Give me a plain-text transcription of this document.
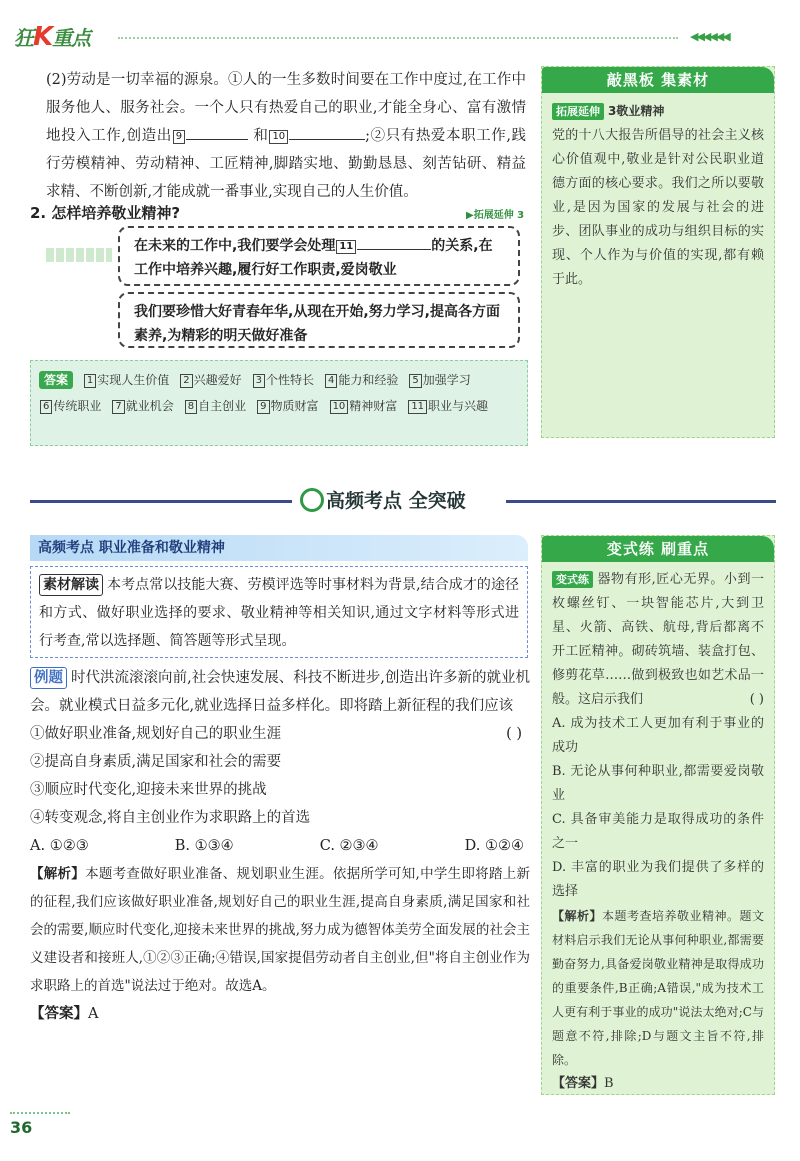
狂K重点	◀◀◀◀◀◀
(2)劳动是一切幸福的源泉。①人的一生多数时间要在工作中度过,在工作中服务他人、服务社会。一个人只有热爱自己的职业,才能全身心、富有激情地投入工作,创造出 9	和 10	;②只有热爱本职工作,践行劳模精神、劳动精神、工匠精神,脚踏实地、勤勤恳恳、刻苦钻研、精益求精、不断创新,才能成就一番事业,实现自己的人生价值。
2. 怎样培养敬业精神?	▶拓展延伸 3
在未来的工作中,我们要学会处理 11	的关系,在工作中培养兴趣,履行好工作职责,爱岗敬业
我们要珍惜大好青春年华,从现在开始,努力学习,提高各方面素养,为精彩的明天做好准备
答案 1 实现人生价值 2 兴趣爱好 3 个性特长 4 能力和经验 5 加强学习6 传统职业 7 就业机会 8 自主创业 9 物质财富 10 精神财富 11 职业与兴趣
高频考点 全突破
高频考点 职业准备和敬业精神
素材解读 本考点常以技能大赛、劳模评选等时事材料为背景,结合成才的途径和方式、做好职业选择的要求、敬业精神等相关知识,通过文字材料等形式进行考查,常以选择题、简答题等形式呈现。
例题 时代洪流滚滚向前,社会快速发展、科技不断进步,创造出许多新的就业机会。就业模式日益多元化,就业选择日益多样化。即将踏上新征程的我们应该
( )
①做好职业准备,规划好自己的职业生涯
②提高自身素质,满足国家和社会的需要
③顺应时代变化,迎接未来世界的挑战
④转变观念,将自主创业作为求职路上的首选
A. ①②③	B. ①③④	C. ②③④	D. ①②④
【解析】本题考查做好职业准备、规划职业生涯。依据所学可知,中学生即将踏上新的征程,我们应该做好职业准备,规划好自己的职业生涯,提高自身素质,满足国家和社会的需要,顺应时代变化,迎接未来世界的挑战,努力成为德智体美劳全面发展的社会主义建设者和接班人,①②③正确;④错误,国家提倡劳动者自主创业,但"将自主创业作为求职路上的首选"说法过于绝对。故选A。
【答案】A
敲黑板 集素材
拓展延伸 3敬业精神
党的十八大报告所倡导的社会主义核心价值观中,敬业是针对公民职业道德方面的核心要求。我们之所以要敬业,是因为国家的发展与社会的进步、团队事业的成功与组织目标的实现、个人作为与价值的实现,都有赖于此。
变式练 刷重点
变式练 器物有形,匠心无界。小到一枚螺丝钉、一块智能芯片,大到卫星、火箭、高铁、航母,背后都离不开工匠精神。砌砖筑墙、装盒打包、修剪花草……做到极致也如艺术品一般。这启示我们	( )
A. 成为技术工人更加有利于事业的成功
B. 无论从事何种职业,都需要爱岗敬业
C. 具备审美能力是取得成功的条件之一
D. 丰富的职业为我们提供了多样的选择
【解析】本题考查培养敬业精神。题文材料启示我们无论从事何种职业,都需要勤奋努力,具备爱岗敬业精神是取得成功的重要条件,B正确;A错误,"成为技术工人更有利于事业的成功"说法太绝对;C与题意不符,排除;D与题文主旨不符,排除。
【答案】B
36
